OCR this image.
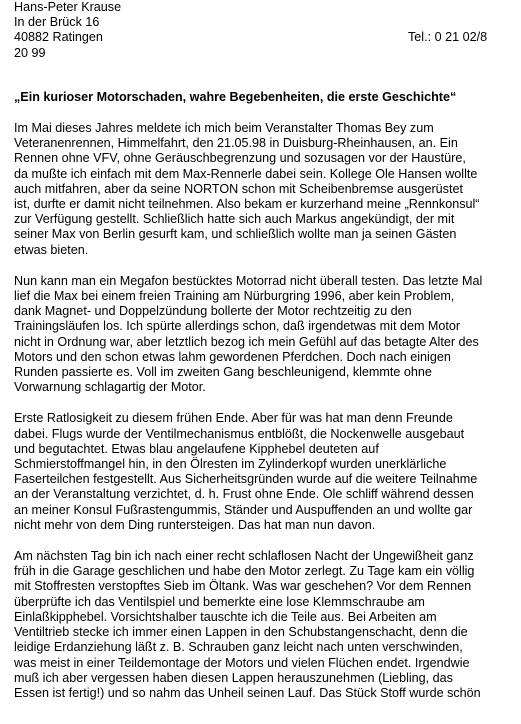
Hans-Peter Krause
In der Brück 16
40882 Ratingen	Tel.: 0 21 02/8
20 99
„Ein kurioser Motorschaden, wahre Begebenheiten, die erste Geschichte“
Im Mai dieses Jahres meldete ich mich beim Veranstalter Thomas Bey zum
Veteranenrennen, Himmelfahrt, den 21.05.98 in Duisburg-Rheinhausen, an. Ein
Rennen ohne VFV, ohne Geräuschbegrenzung und sozusagen vor der Haustüre,
da mußte ich einfach mit dem Max-Rennerle dabei sein. Kollege Ole Hansen wollte
auch mitfahren, aber da seine NORTON schon mit Scheibenbremse ausgerüstet
ist, durfte er damit nicht teilnehmen. Also bekam er kurzerhand meine „Rennkonsul“
zur Verfügung gestellt. Schließlich hatte sich auch Markus angekündigt, der mit
seiner Max von Berlin gesurft kam, und schließlich wollte man ja seinen Gästen
etwas bieten.
Nun kann man ein Megafon bestücktes Motorrad nicht überall testen. Das letzte Mal
lief die Max bei einem freien Training am Nürburgring 1996, aber kein Problem,
dank Magnet- und Doppelzündung bollerte der Motor rechtzeitig zu den
Trainingsläufen los. Ich spürte allerdings schon, daß irgendetwas mit dem Motor
nicht in Ordnung war, aber letztlich bezog ich mein Gefühl auf das betagte Alter des
Motors und den schon etwas lahm gewordenen Pferdchen. Doch nach einigen
Runden passierte es. Voll im zweiten Gang beschleunigend, klemmte ohne
Vorwarnung schlagartig der Motor.
Erste Ratlosigkeit zu diesem frühen Ende. Aber für was hat man denn Freunde
dabei. Flugs wurde der Ventilmechanismus entblößt, die Nockenwelle ausgebaut
und begutachtet. Etwas blau angelaufene Kipphebel deuteten auf
Schmierstoffmangel hin, in den Ölresten im Zylinderkopf wurden unerklärliche
Faserteilchen festgestellt. Aus Sicherheitsgründen wurde auf die weitere Teilnahme
an der Veranstaltung verzichtet, d. h. Frust ohne Ende. Ole schliff während dessen
an meiner Konsul Fußrastengummis, Ständer und Auspuffenden an und wollte gar
nicht mehr von dem Ding runtersteigen. Das hat man nun davon.
Am nächsten Tag bin ich nach einer recht schlaflosen Nacht der Ungewißheit ganz
früh in die Garage geschlichen und habe den Motor zerlegt. Zu Tage kam ein völlig
mit Stoffresten verstopftes Sieb im Öltank. Was war geschehen? Vor dem Rennen
überprüfte ich das Ventilspiel und bemerkte eine lose Klemmschraube am
Einlaßkipphebel. Vorsichtshalber tauschte ich die Teile aus. Bei Arbeiten am
Ventiltrieb stecke ich immer einen Lappen in den Schubstangenschacht, denn die
leidige Erdanziehung läßt z. B. Schrauben ganz leicht nach unten verschwinden,
was meist in einer Teildemontage der Motors und vielen Flüchen endet. Irgendwie
muß ich aber vergessen haben diesen Lappen herauszunehmen (Liebling, das
Essen ist fertig!) und so nahm das Unheil seinen Lauf. Das Stück Stoff wurde schön
